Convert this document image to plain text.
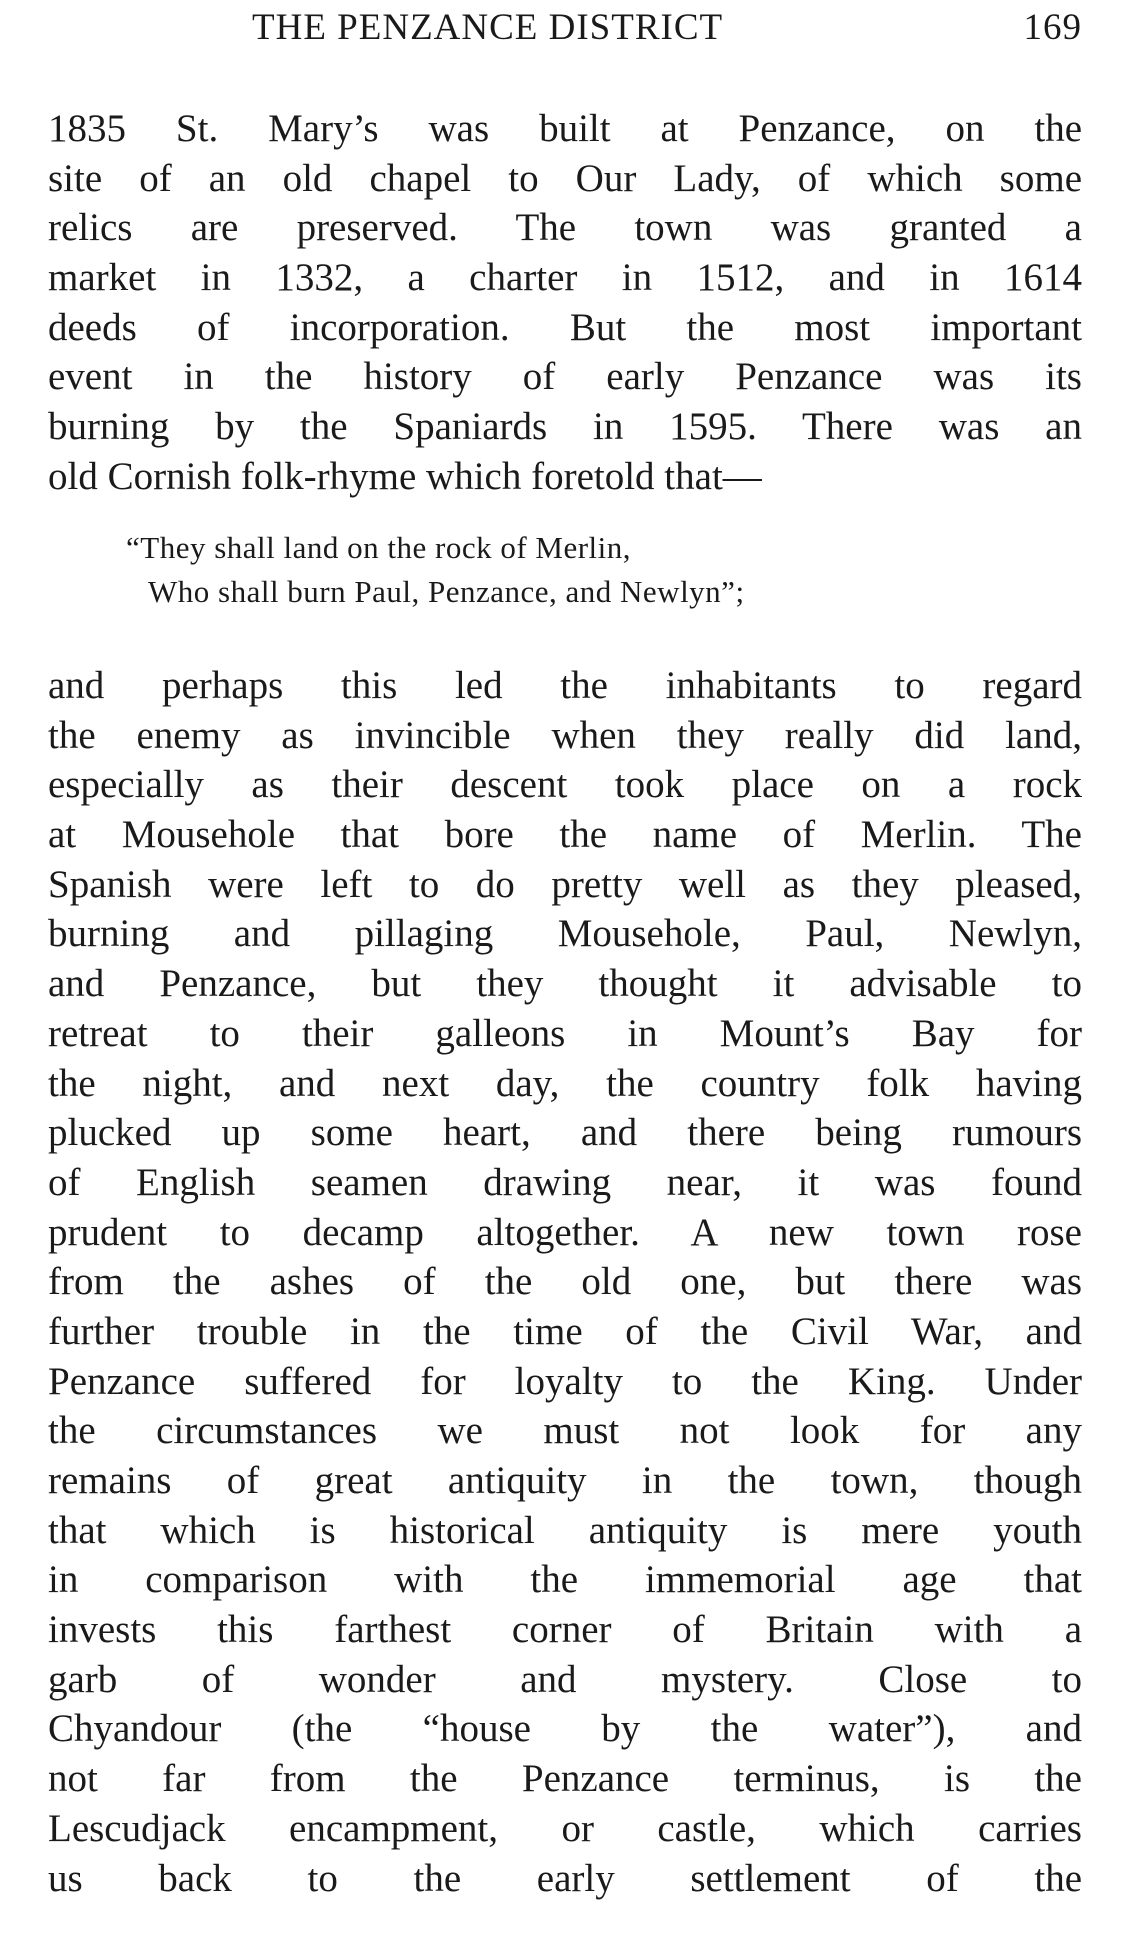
THE PENZANCE DISTRICT	169

1835 St. Mary’s was built at Penzance, on the
site of an old chapel to Our Lady, of which some
relics are preserved. The town was granted a
market in 1332, a charter in 1512, and in 1614
deeds of incorporation. But the most important
event in the history of early Penzance was its
burning by the Spaniards in 1595. There was an
old Cornish folk-rhyme which foretold that—

“They shall land on the rock of Merlin,
Who shall burn Paul, Penzance, and Newlyn”;

and perhaps this led the inhabitants to regard
the enemy as invincible when they really did land,
especially as their descent took place on a rock
at Mousehole that bore the name of Merlin. The
Spanish were left to do pretty well as they pleased,
burning and pillaging Mousehole, Paul, Newlyn,
and Penzance, but they thought it advisable to
retreat to their galleons in Mount’s Bay for
the night, and next day, the country folk having
plucked up some heart, and there being rumours
of English seamen drawing near, it was found
prudent to decamp altogether. A new town rose
from the ashes of the old one, but there was
further trouble in the time of the Civil War, and
Penzance suffered for loyalty to the King. Under
the circumstances we must not look for any
remains of great antiquity in the town, though
that which is historical antiquity is mere youth
in comparison with the immemorial age that
invests this farthest corner of Britain with a
garb of wonder and mystery. Close to
Chyandour (the “house by the water”), and
not far from the Penzance terminus, is the
Lescudjack encampment, or castle, which carries
us back to the early settlement of the
